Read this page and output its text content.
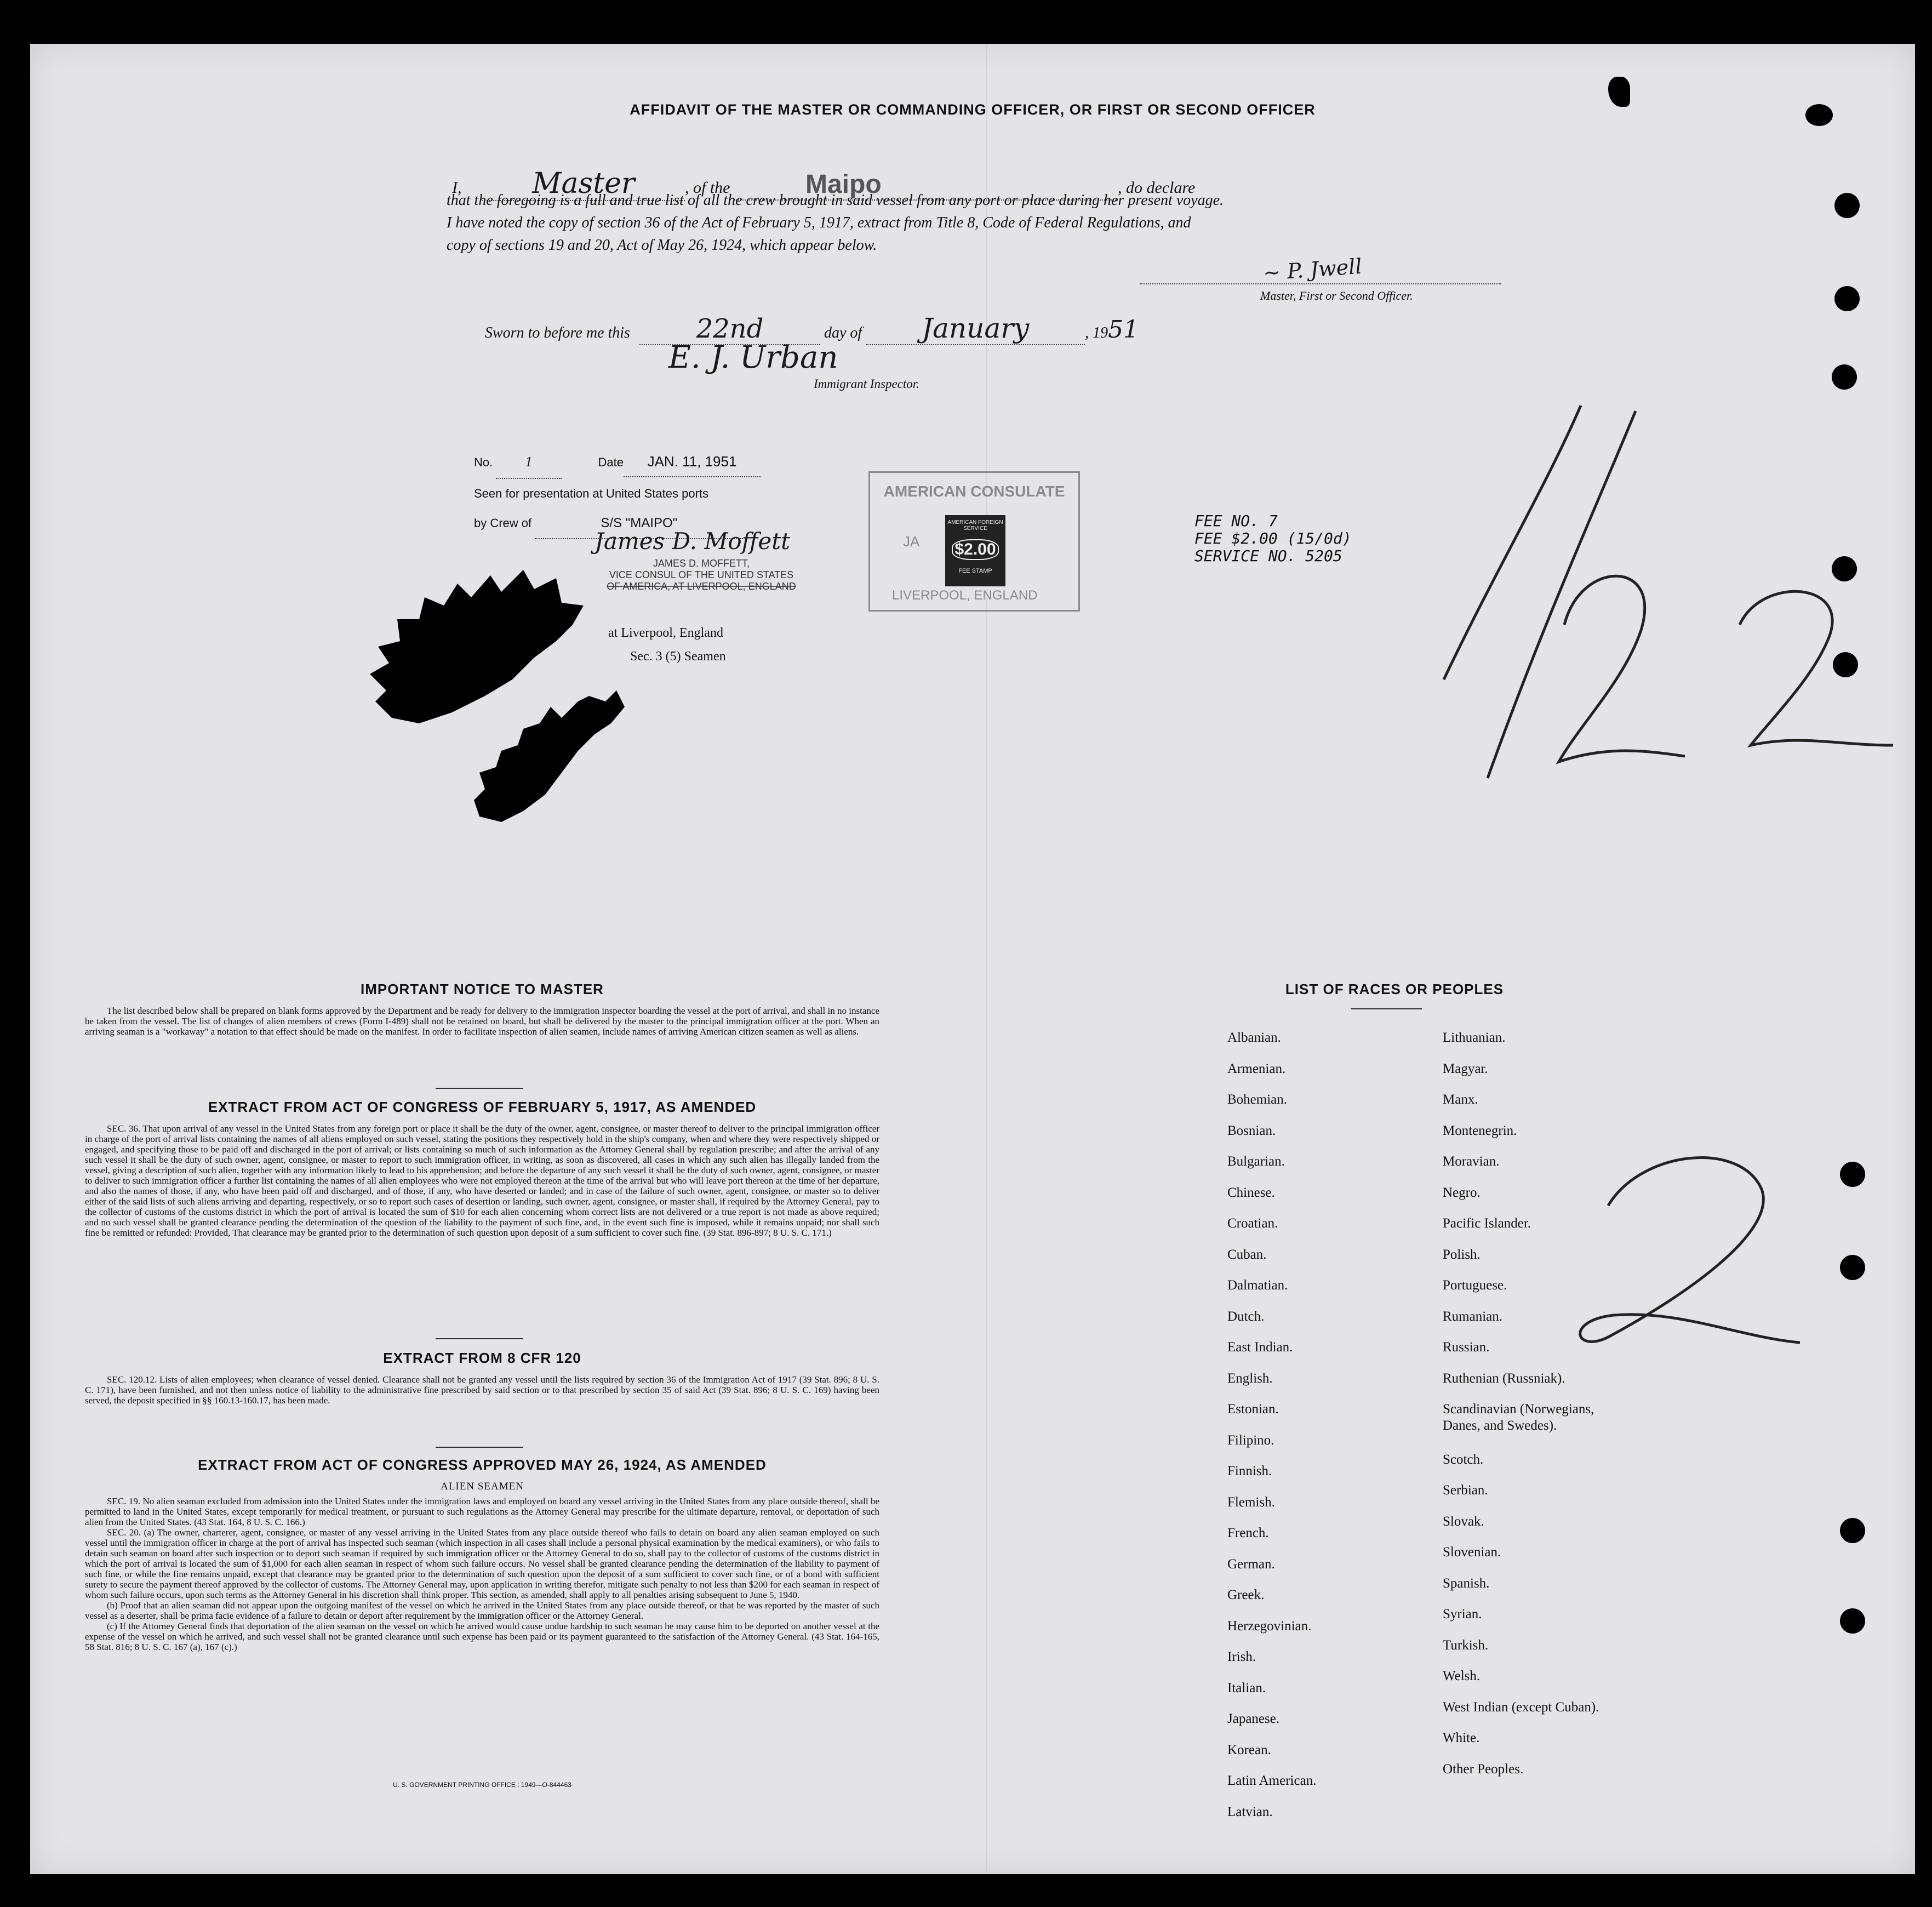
AFFIDAVIT OF THE MASTER OR COMMANDING OFFICER, OR FIRST OR SECOND OFFICER
I, Master	, of the	Maipo	, do declare
that the foregoing is a full and true list of all the crew brought in said vessel from any port or place during her present voyage.
I have noted the copy of section 36 of the Act of February 5, 1917, extract from Title 8, Code of Federal Regulations, and
copy of sections 19 and 20, Act of May 26, 1924, which appear below.
~ P. Jwell
Master, First or Second Officer.
Sworn to before me this	22nd	day of January	, 1951
E. J. Urban
Immigrant Inspector.
No.	1	Date JAN. 11, 1951
Seen for presentation at United States ports
by Crew of	S/S "MAIPO"
James D. Moffett
JAMES D. MOFFETT,
VICE CONSUL OF THE UNITED STATES
OF AMERICA, AT LIVERPOOL, ENGLAND
at Liverpool, England
Sec. 3 (5) Seamen
AMERICAN CONSULATE
JA
LIVERPOOL, ENGLAND
AMERICAN FOREIGN SERVICE
$2.00
FEE STAMP
FEE NO. 7
FEE $2.00 (15/0d)
SERVICE NO. 5205
IMPORTANT NOTICE TO MASTER
The list described below shall be prepared on blank forms approved by the Department and be ready for delivery to the immigration inspector boarding the vessel at the port of arrival, and shall in no instance be taken from the vessel. The list of changes of alien members of crews (Form I-489) shall not be retained on board, but shall be delivered by the master to the principal immigration officer at the port. When an arriving seaman is a "workaway" a notation to that effect should be made on the manifest. In order to facilitate inspection of alien seamen, include names of arriving American citizen seamen as well as aliens.
EXTRACT FROM ACT OF CONGRESS OF FEBRUARY 5, 1917, AS AMENDED
SEC. 36. That upon arrival of any vessel in the United States from any foreign port or place it shall be the duty of the owner, agent, consignee, or master thereof to deliver to the principal immigration officer in charge of the port of arrival lists containing the names of all aliens employed on such vessel, stating the positions they respectively hold in the ship's company, when and where they were respectively shipped or engaged, and specifying those to be paid off and discharged in the port of arrival; or lists containing so much of such information as the Attorney General shall by regulation prescribe; and after the arrival of any such vessel it shall be the duty of such owner, agent, consignee, or master to report to such immigration officer, in writing, as soon as discovered, all cases in which any such alien has illegally landed from the vessel, giving a description of such alien, together with any information likely to lead to his apprehension; and before the departure of any such vessel it shall be the duty of such owner, agent, consignee, or master to deliver to such immigration officer a further list containing the names of all alien employees who were not employed thereon at the time of the arrival but who will leave port thereon at the time of her departure, and also the names of those, if any, who have been paid off and discharged, and of those, if any, who have deserted or landed; and in case of the failure of such owner, agent, consignee, or master so to deliver either of the said lists of such aliens arriving and departing, respectively, or so to report such cases of desertion or landing, such owner, agent, consignee, or master shall, if required by the Attorney General, pay to the collector of customs of the customs district in which the port of arrival is located the sum of $10 for each alien concerning whom correct lists are not delivered or a true report is not made as above required; and no such vessel shall be granted clearance pending the determination of the question of the liability to the payment of such fine, and, in the event such fine is imposed, while it remains unpaid; nor shall such fine be remitted or refunded: Provided, That clearance may be granted prior to the determination of such question upon deposit of a sum sufficient to cover such fine. (39 Stat. 896-897; 8 U. S. C. 171.)
EXTRACT FROM 8 CFR 120
SEC. 120.12. Lists of alien employees; when clearance of vessel denied. Clearance shall not be granted any vessel until the lists required by section 36 of the Immigration Act of 1917 (39 Stat. 896; 8 U. S. C. 171), have been furnished, and not then unless notice of liability to the administrative fine prescribed by said section or to that prescribed by section 35 of said Act (39 Stat. 896; 8 U. S. C. 169) having been served, the deposit specified in §§ 160.13-160.17, has been made.
EXTRACT FROM ACT OF CONGRESS APPROVED MAY 26, 1924, AS AMENDED
ALIEN SEAMEN
SEC. 19. No alien seaman excluded from admission into the United States under the immigration laws and employed on board any vessel arriving in the United States from any place outside thereof, shall be permitted to land in the United States, except temporarily for medical treatment, or pursuant to such regulations as the Attorney General may prescribe for the ultimate departure, removal, or deportation of such alien from the United States. (43 Stat. 164, 8 U. S. C. 166.)
SEC. 20. (a) The owner, charterer, agent, consignee, or master of any vessel arriving in the United States from any place outside thereof who fails to detain on board any alien seaman employed on such vessel until the immigration officer in charge at the port of arrival has inspected such seaman (which inspection in all cases shall include a personal physical examination by the medical examiners), or who fails to detain such seaman on board after such inspection or to deport such seaman if required by such immigration officer or the Attorney General to do so, shall pay to the collector of customs of the customs district in which the port of arrival is located the sum of $1,000 for each alien seaman in respect of whom such failure occurs. No vessel shall be granted clearance pending the determination of the liability to payment of such fine, or while the fine remains unpaid, except that clearance may be granted prior to the determination of such question upon the deposit of a sum sufficient to cover such fine, or of a bond with sufficient surety to secure the payment thereof approved by the collector of customs. The Attorney General may, upon application in writing therefor, mitigate such penalty to not less than $200 for each seaman in respect of whom such failure occurs, upon such terms as the Attorney General in his discretion shall think proper. This section, as amended, shall apply to all penalties arising subsequent to June 5, 1940.
(b) Proof that an alien seaman did not appear upon the outgoing manifest of the vessel on which he arrived in the United States from any place outside thereof, or that he was reported by the master of such vessel as a deserter, shall be prima facie evidence of a failure to detain or deport after requirement by the immigration officer or the Attorney General.
(c) If the Attorney General finds that deportation of the alien seaman on the vessel on which he arrived would cause undue hardship to such seaman he may cause him to be deported on another vessel at the expense of the vessel on which he arrived, and such vessel shall not be granted clearance until such expense has been paid or its payment guaranteed to the satisfaction of the Attorney General. (43 Stat. 164-165, 58 Stat. 816; 8 U. S. C. 167 (a), 167 (c).)
U. S. GOVERNMENT PRINTING OFFICE : 1949—O-844463
LIST OF RACES OR PEOPLES
Albanian.
Armenian.
Bohemian.
Bosnian.
Bulgarian.
Chinese.
Croatian.
Cuban.
Dalmatian.
Dutch.
East Indian.
English.
Estonian.
Filipino.
Finnish.
Flemish.
French.
German.
Greek.
Herzegovinian.
Irish.
Italian.
Japanese.
Korean.
Latin American.
Latvian.
Lithuanian.
Magyar.
Manx.
Montenegrin.
Moravian.
Negro.
Pacific Islander.
Polish.
Portuguese.
Rumanian.
Russian.
Ruthenian (Russniak).
Scandinavian (Norwegians,
Danes, and Swedes).
Scotch.
Serbian.
Slovak.
Slovenian.
Spanish.
Syrian.
Turkish.
Welsh.
West Indian (except Cuban).
White.
Other Peoples.
